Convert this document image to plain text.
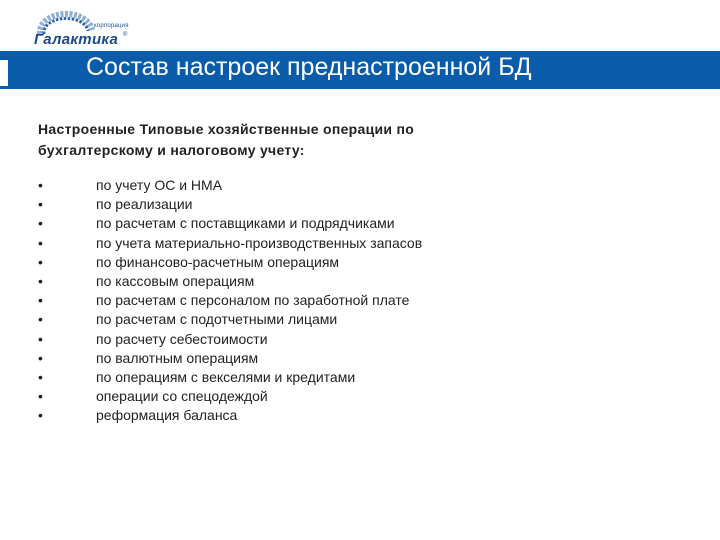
корпорация
Галактика ®
Состав настроек преднастроенной БД
Настроенные Типовые хозяйственные операции по
бухгалтерскому и налоговому учету:
•	по учету ОС и НМА
•	по реализации
•	по расчетам с поставщиками и подрядчиками
•	по учета материально-производственных запасов
•	по финансово-расчетным операциям
•	по кассовым операциям
•	по расчетам с персоналом по заработной плате
•	по расчетам с подотчетными лицами
•	по расчету себестоимости
•	по валютным операциям
•	по операциям с векселями и кредитами
•	операции со спецодеждой
•	реформация баланса
